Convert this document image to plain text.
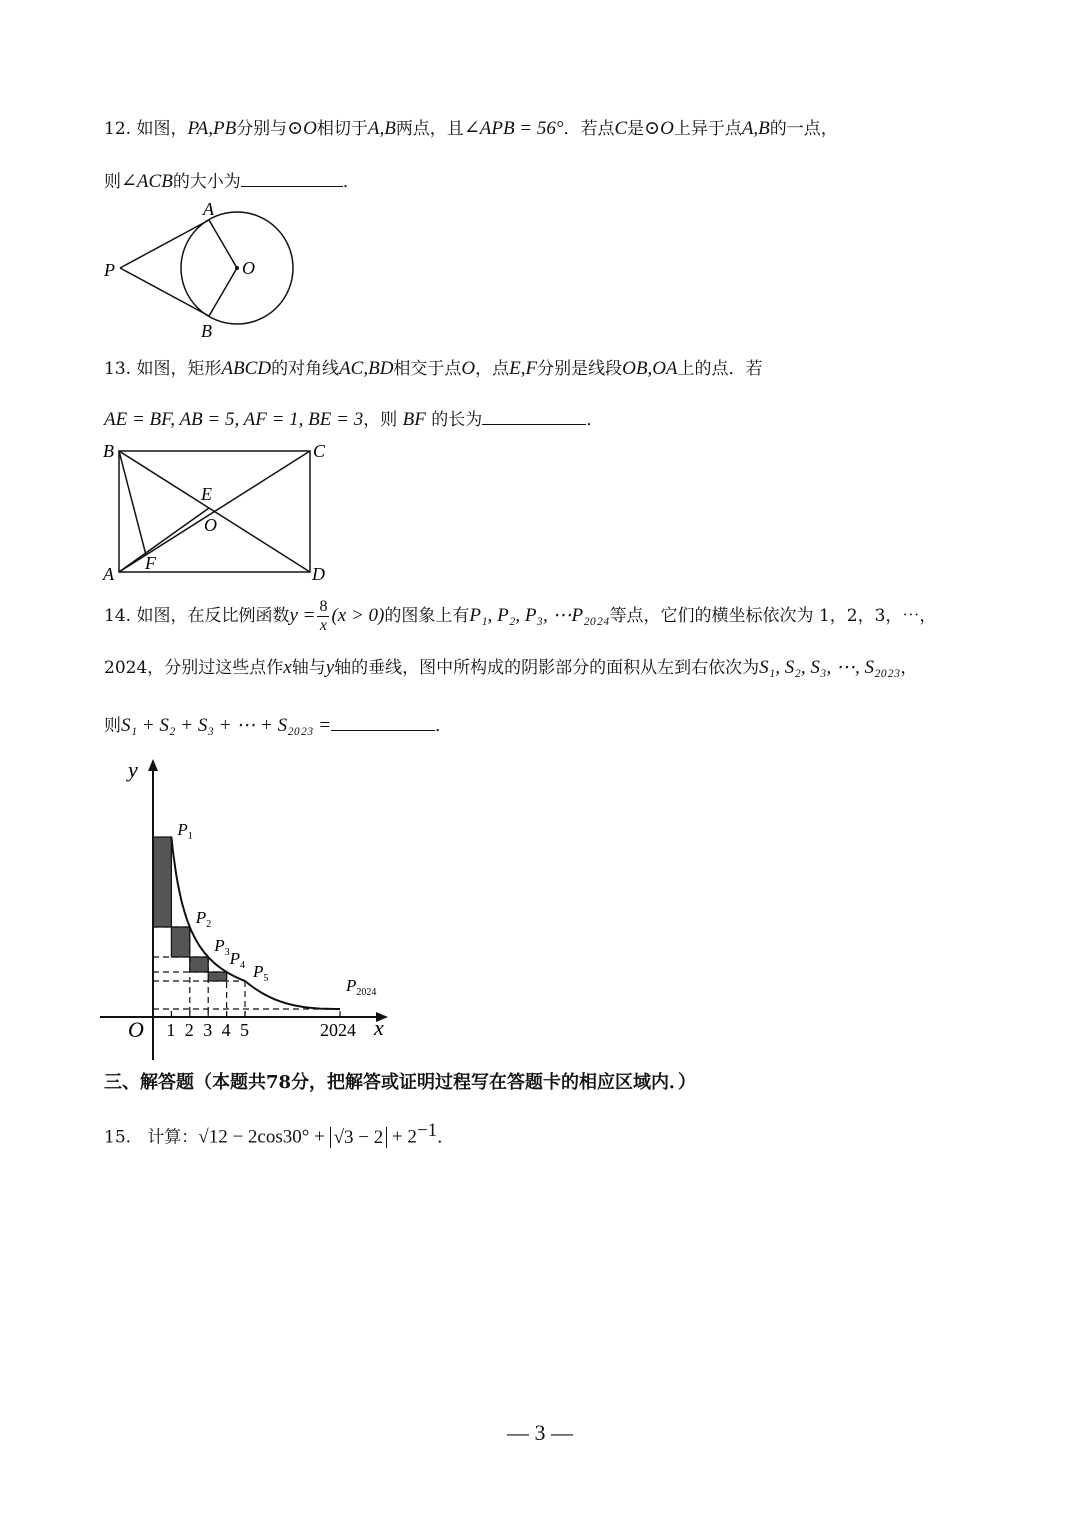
12. 如图，PA,PB分别与⊙O相切于A,B两点，且∠APB = 56°．若点C是⊙O上异于点A,B的一点，
则∠ACB的大小为	．
A
B
P	O
13. 如图，矩形ABCD的对角线AC,BD相交于点O，点E,F分别是线段OB,OA上的点．若
AE = BF, AB = 5, AF = 1, BE = 3，则 BF 的长为	．
B	C
A	D
E
O
F
14. 如图，在反比例函数$y = \frac{8}{x} (x > 0)$的图象上有P₁, P₂, P₃, ⋯P₂₀₂₄等点，它们的横坐标依次为 1，2，3，⋯，
2024，分别过这些点作x轴与y轴的垂线，图中所构成的阴影部分的面积从左到右依次为S₁, S₂, S₃, ⋯, S₂₀₂₃，
则S₁ + S₂ + S₃ + ⋯ + S₂₀₂₃ =	．
1 2 3 4 5	2024
$P_1$
$P_2$
$P_3$ $P_4$ $P_5$	$P_{2024}$
y
x
O
三、解答题（本题共78分，把解答或证明过程写在答题卡的相应区域内．）
15. 计算：$√12 - 2\cos 30^\circ + √3 - 2 + 2^{-1}$．
— 3 —
